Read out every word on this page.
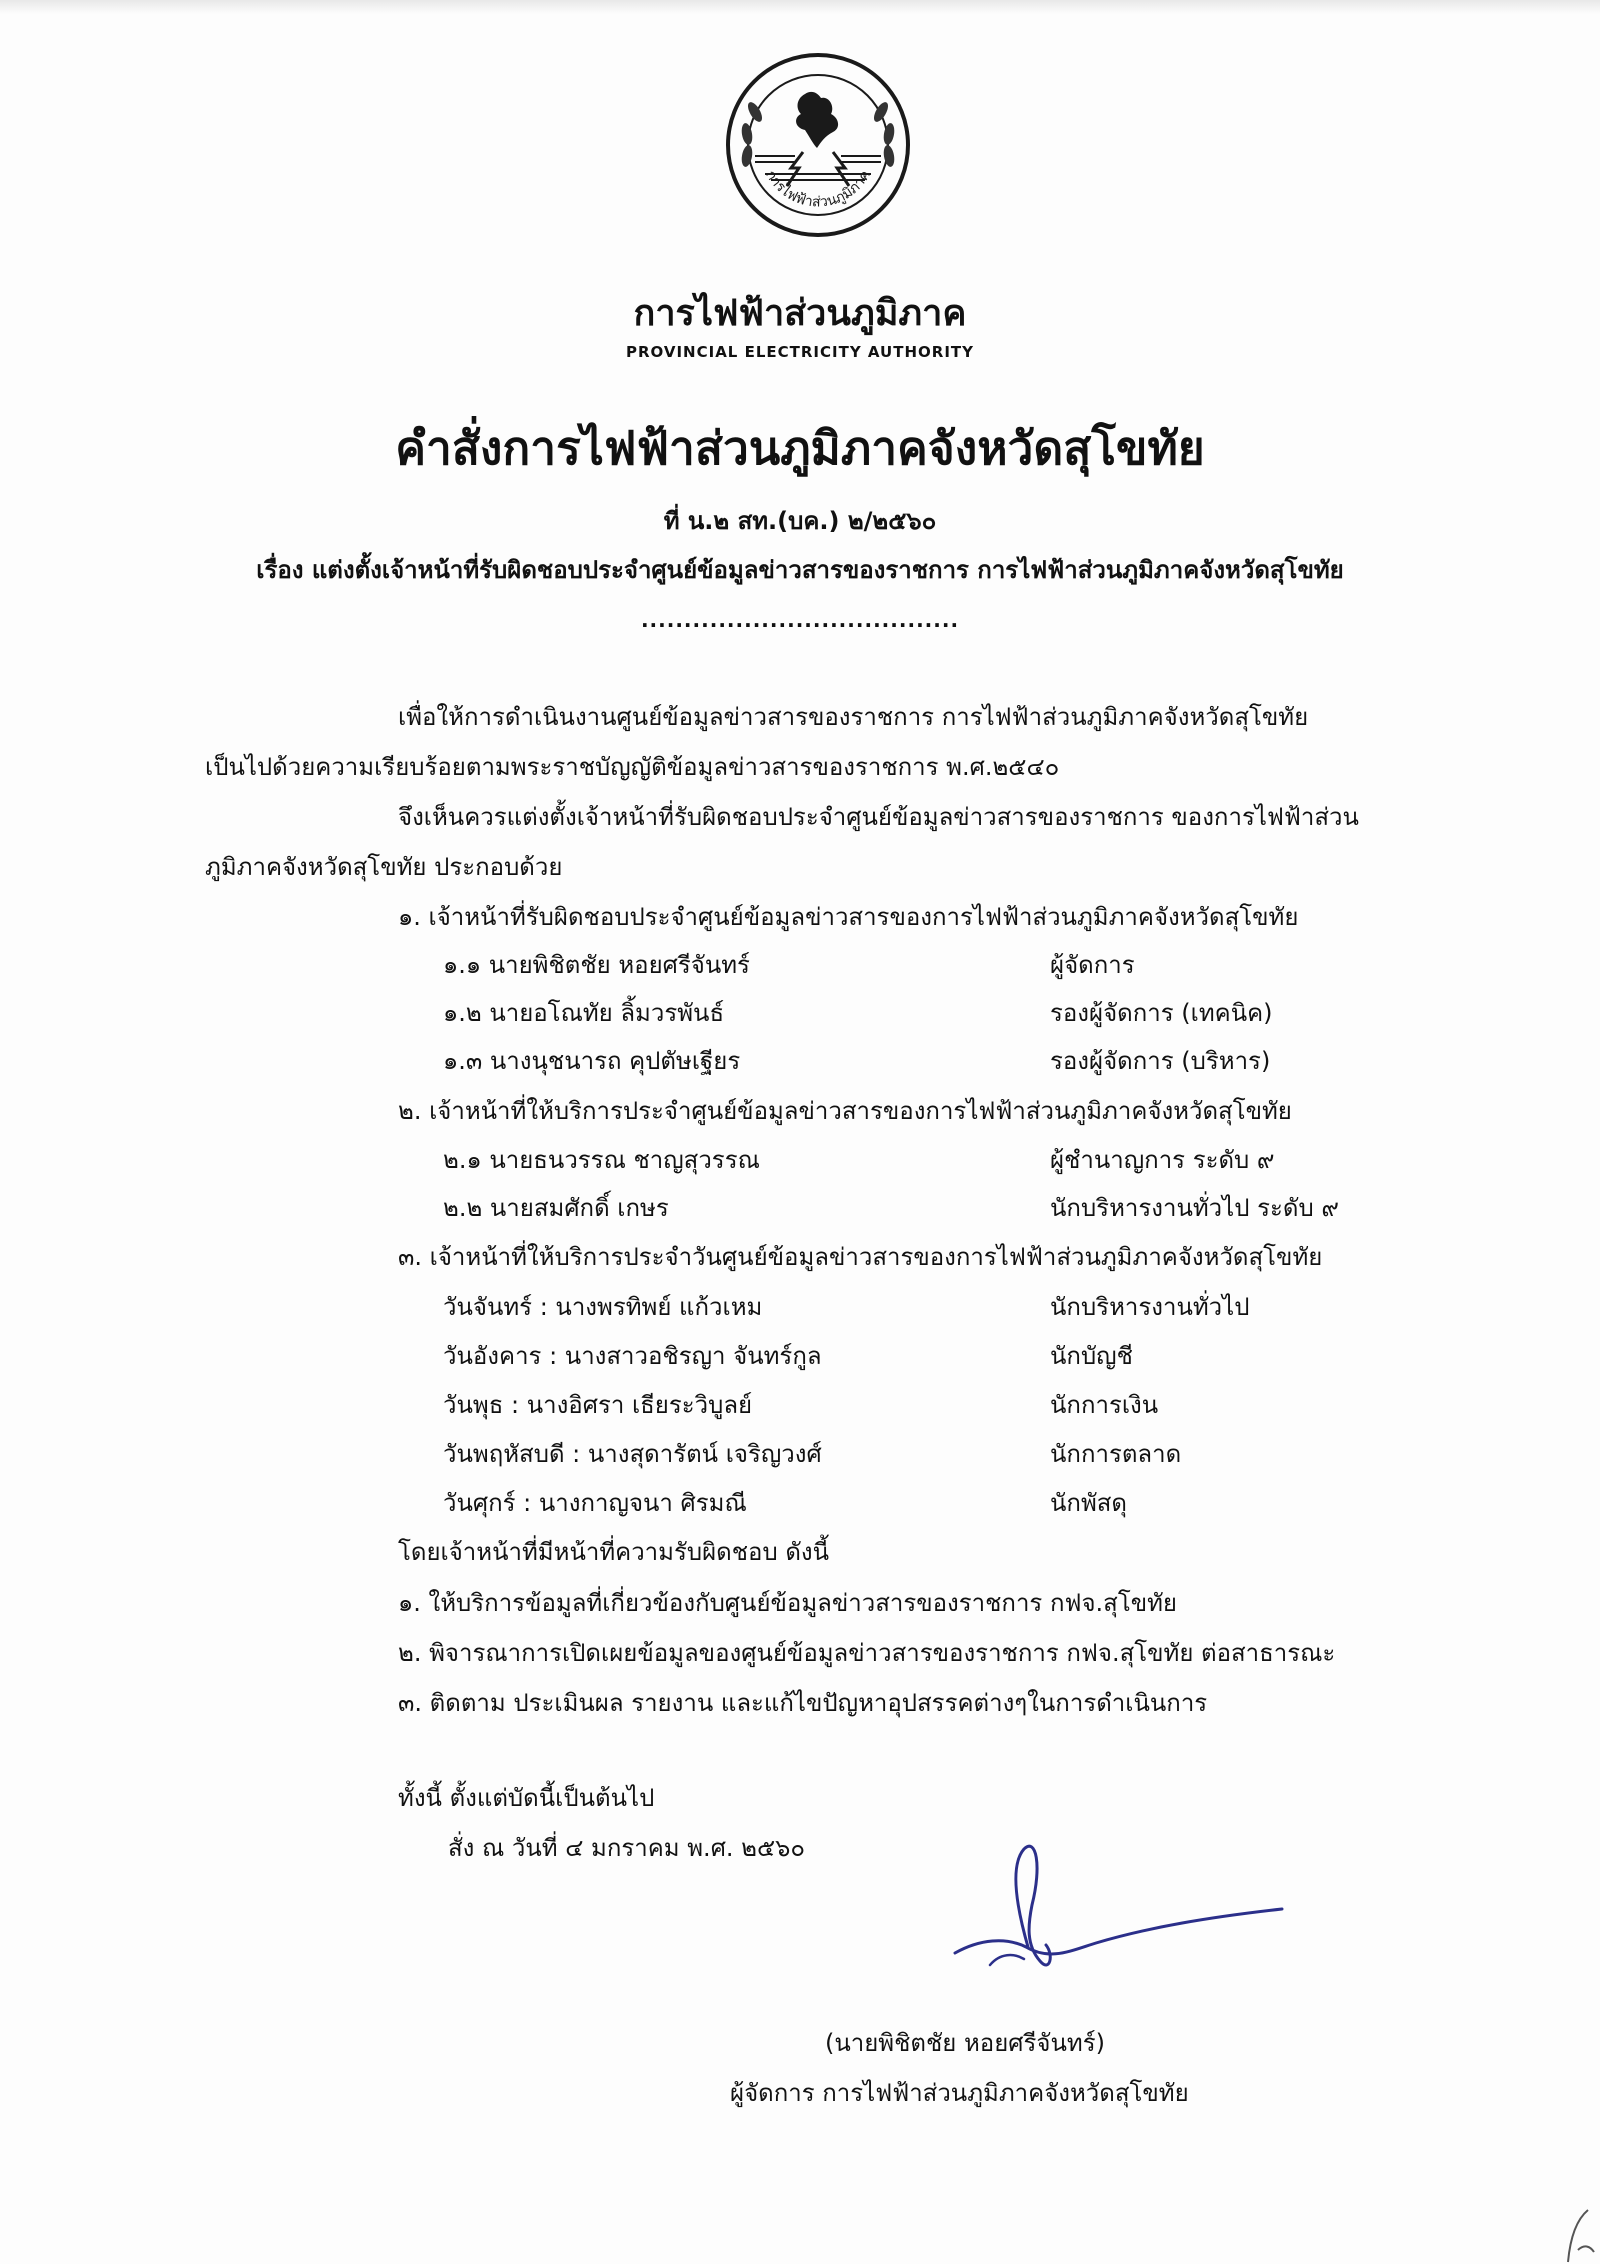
การไฟฟ้าส่วนภูมิภาค
การไฟฟ้าส่วนภูมิภาค
PROVINCIAL ELECTRICITY AUTHORITY
คำสั่งการไฟฟ้าส่วนภูมิภาคจังหวัดสุโขทัย
ที่ น.๒ สท.(บค.) ๒/๒๕๖๐
เรื่อง แต่งตั้งเจ้าหน้าที่รับผิดชอบประจำศูนย์ข้อมูลข่าวสารของราชการ การไฟฟ้าส่วนภูมิภาคจังหวัดสุโขทัย
.....................................
เพื่อให้การดำเนินงานศูนย์ข้อมูลข่าวสารของราชการ การไฟฟ้าส่วนภูมิภาคจังหวัดสุโขทัย
เป็นไปด้วยความเรียบร้อยตามพระราชบัญญัติข้อมูลข่าวสารของราชการ พ.ศ.๒๕๔๐
จึงเห็นควรแต่งตั้งเจ้าหน้าที่รับผิดชอบประจำศูนย์ข้อมูลข่าวสารของราชการ ของการไฟฟ้าส่วน
ภูมิภาคจังหวัดสุโขทัย ประกอบด้วย
๑. เจ้าหน้าที่รับผิดชอบประจำศูนย์ข้อมูลข่าวสารของการไฟฟ้าส่วนภูมิภาคจังหวัดสุโขทัย
๑.๑ นายพิชิตชัย หอยศรีจันทร์	ผู้จัดการ
๑.๒ นายอโณทัย ลิ้มวรพันธ์	รองผู้จัดการ (เทคนิค)
๑.๓ นางนุชนารถ คุปตัษเฐียร	รองผู้จัดการ (บริหาร)
๒. เจ้าหน้าที่ให้บริการประจำศูนย์ข้อมูลข่าวสารของการไฟฟ้าส่วนภูมิภาคจังหวัดสุโขทัย
๒.๑ นายธนวรรณ ชาญสุวรรณ	ผู้ชำนาญการ ระดับ ๙
๒.๒ นายสมศักดิ์ เกษร	นักบริหารงานทั่วไป ระดับ ๙
๓. เจ้าหน้าที่ให้บริการประจำวันศูนย์ข้อมูลข่าวสารของการไฟฟ้าส่วนภูมิภาคจังหวัดสุโขทัย
วันจันทร์ : นางพรทิพย์ แก้วเหม	นักบริหารงานทั่วไป
วันอังคาร : นางสาวอชิรญา จันทร์กูล	นักบัญชี
วันพุธ : นางอิศรา เธียระวิบูลย์	นักการเงิน
วันพฤหัสบดี : นางสุดารัตน์ เจริญวงศ์	นักการตลาด
วันศุกร์ : นางกาญจนา ศิรมณี	นักพัสดุ
โดยเจ้าหน้าที่มีหน้าที่ความรับผิดชอบ ดังนี้
๑. ให้บริการข้อมูลที่เกี่ยวข้องกับศูนย์ข้อมูลข่าวสารของราชการ กฟจ.สุโขทัย
๒. พิจารณาการเปิดเผยข้อมูลของศูนย์ข้อมูลข่าวสารของราชการ กฟจ.สุโขทัย ต่อสาธารณะ
๓. ติดตาม ประเมินผล รายงาน และแก้ไขปัญหาอุปสรรคต่างๆในการดำเนินการ
ทั้งนี้ ตั้งแต่บัดนี้เป็นต้นไป
สั่ง ณ วันที่ ๔ มกราคม พ.ศ. ๒๕๖๐
(นายพิชิตชัย หอยศรีจันทร์)
ผู้จัดการ การไฟฟ้าส่วนภูมิภาคจังหวัดสุโขทัย
